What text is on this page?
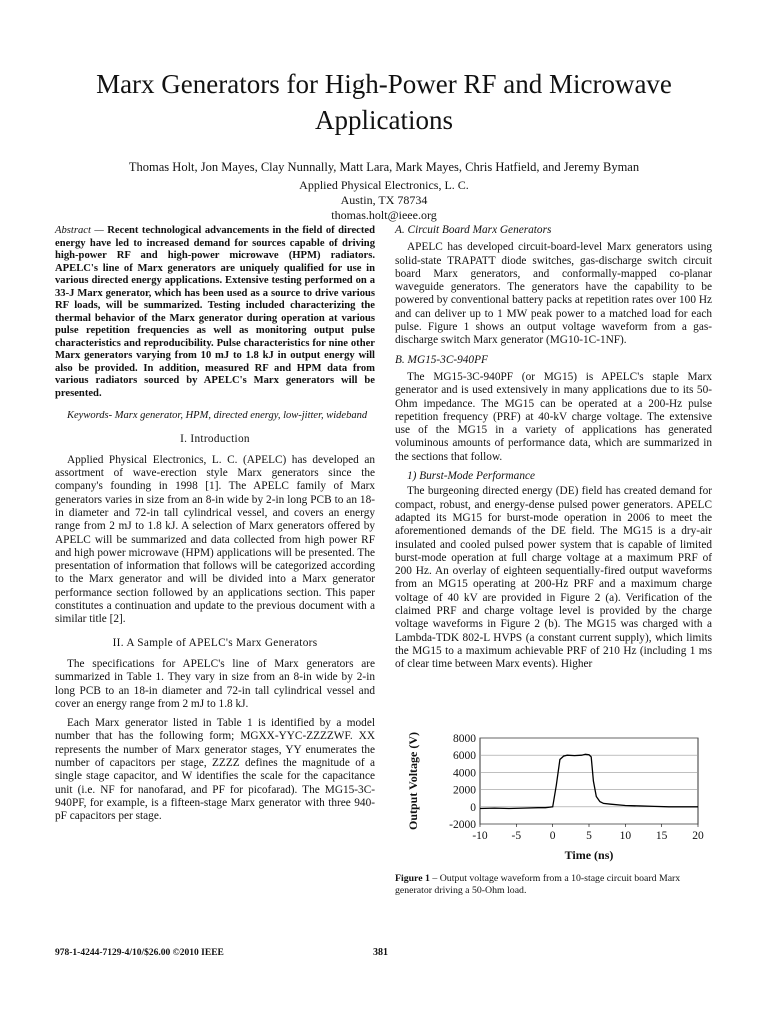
Marx Generators for High-Power RF and Microwave Applications
Thomas Holt, Jon Mayes, Clay Nunnally, Matt Lara, Mark Mayes, Chris Hatfield, and Jeremy Byman
Applied Physical Electronics, L. C.
Austin, TX 78734
thomas.holt@ieee.org

Abstract — Recent technological advancements in the field of directed energy have led to increased demand for sources capable of driving high-power RF and high-power microwave (HPM) radiators. APELC's line of Marx generators are uniquely qualified for use in various directed energy applications. Extensive testing performed on a 33-J Marx generator, which has been used as a source to drive various RF loads, will be summarized. Testing included characterizing the thermal behavior of the Marx generator during operation at various pulse repetition frequencies as well as monitoring output pulse characteristics and reproducibility. Pulse characteristics for nine other Marx generators varying from 10 mJ to 1.8 kJ in output energy will also be provided. In addition, measured RF and HPM data from various radiators sourced by APELC's Marx generators will be presented.

Keywords- Marx generator, HPM, directed energy, low-jitter, wideband

I. Introduction

Applied Physical Electronics, L. C. (APELC) has developed an assortment of wave-erection style Marx generators since the company's founding in 1998 [1]. The APELC family of Marx generators varies in size from an 8-in wide by 2-in long PCB to an 18-in diameter and 72-in tall cylindrical vessel, and covers an energy range from 2 mJ to 1.8 kJ. A selection of Marx generators offered by APELC will be summarized and data collected from high power RF and high power microwave (HPM) applications will be presented. The presentation of information that follows will be categorized according to the Marx generator and will be divided into a Marx generator performance section followed by an applications section. This paper constitutes a continuation and update to the previous document with a similar title [2].

II. A Sample of APELC's Marx Generators

The specifications for APELC's line of Marx generators are summarized in Table 1. They vary in size from an 8-in wide by 2-in long PCB to an 18-in diameter and 72-in tall cylindrical vessel and cover an energy range from 2 mJ to 1.8 kJ.

Each Marx generator listed in Table 1 is identified by a model number that has the following form; MGXX-YYC-ZZZZWF. XX represents the number of Marx generator stages, YY enumerates the number of capacitors per stage, ZZZZ defines the magnitude of a single stage capacitor, and W identifies the scale for the capacitance unit (i.e. NF for nanofarad, and PF for picofarad). The MG15-3C-940PF, for example, is a fifteen-stage Marx generator with three 940-pF capacitors per stage.

A. Circuit Board Marx Generators

APELC has developed circuit-board-level Marx generators using solid-state TRAPATT diode switches, gas-discharge switch circuit board Marx generators, and conformally-mapped co-planar waveguide generators. The generators have the capability to be powered by conventional battery packs at repetition rates over 100 Hz and can deliver up to 1 MW peak power to a matched load for each pulse. Figure 1 shows an output voltage waveform from a gas-discharge switch Marx generator (MG10-1C-1NF).

B. MG15-3C-940PF

The MG15-3C-940PF (or MG15) is APELC's staple Marx generator and is used extensively in many applications due to its 50-Ohm impedance. The MG15 can be operated at a 200-Hz pulse repetition frequency (PRF) at 40-kV charge voltage. The extensive use of the MG15 in a variety of applications has generated voluminous amounts of performance data, which are summarized in the sections that follow.

1) Burst-Mode Performance

The burgeoning directed energy (DE) field has created demand for compact, robust, and energy-dense pulsed power generators. APELC adapted its MG15 for burst-mode operation in 2006 to meet the aforementioned demands of the DE field. The MG15 is a dry-air insulated and cooled pulsed power system that is capable of limited burst-mode operation at full charge voltage at a maximum PRF of 200 Hz. An overlay of eighteen sequentially-fired output waveforms from an MG15 operating at 200-Hz PRF and a maximum charge voltage of 40 kV are provided in Figure 2 (a). Verification of the claimed PRF and charge voltage level is provided by the charge voltage waveforms in Figure 2 (b). The MG15 was charged with a Lambda-TDK 802-L HVPS (a constant current supply), which limits the MG15 to a maximum achievable PRF of 210 Hz (including 1 ms of clear time between Marx events). Higher

-2000
0
2000
4000
6000
8000
-10 -5 0	5 10 15 20
Time (ns)
Output Voltage (V)
Figure 1 – Output voltage waveform from a 10-stage circuit board Marx generator driving a 50-Ohm load.
978-1-4244-7129-4/10/$26.00 ©2010 IEEE	381
